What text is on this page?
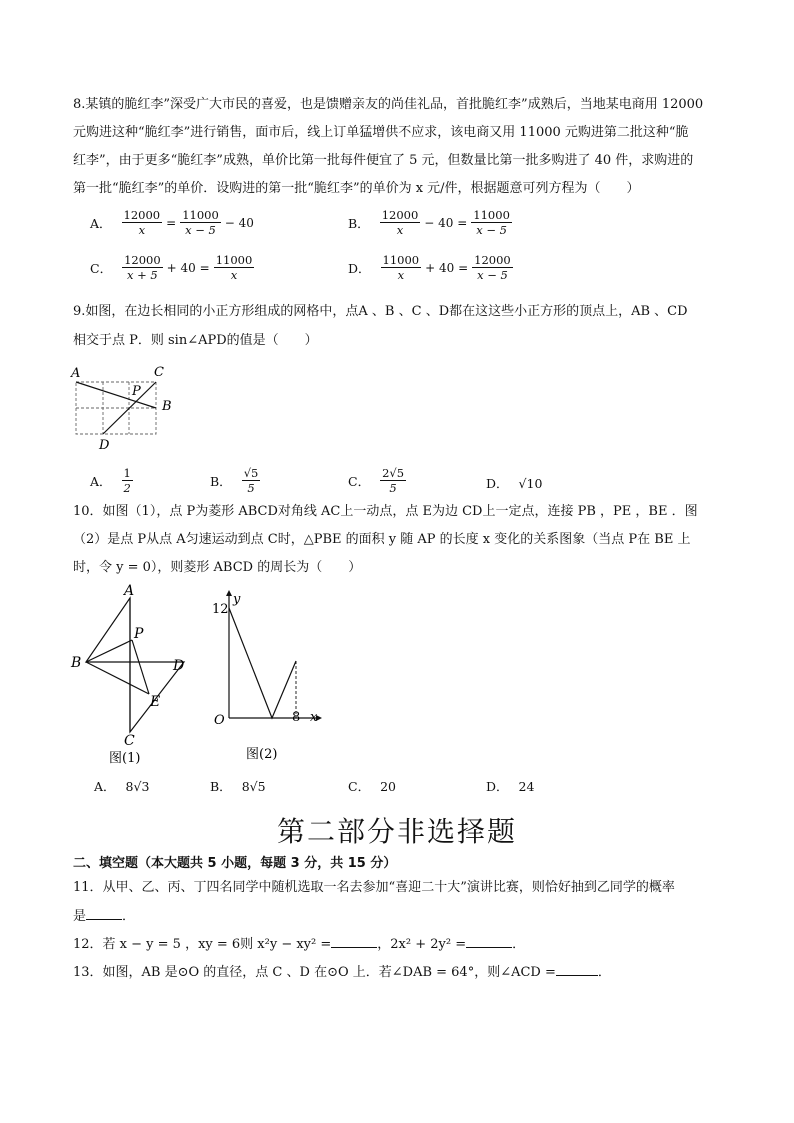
8.某镇的脆红李”深受广大市民的喜爱，也是馈赠亲友的尚佳礼品，首批脆红李”成熟后，当地某电商用 12000
元购进这种“脆红李”进行销售，面市后，线上订单猛增供不应求，该电商又用 11000 元购进第二批这种“脆
红李”，由于更多“脆红李”成熟，单价比第一批每件便宜了 5 元，但数量比第一批多购进了 40 件，求购进的
第一批“脆红李”的单价．设购进的第一批“脆红李”的单价为 x 元/件，根据题意可列方程为（　　）
A． $\frac{12000}{x} = \frac{11000}{x - 5} - 40$	B． $\frac{12000}{x} - 40 = \frac{11000}{x - 5}$
C． $\frac{12000}{x + 5} + 40 = \frac{11000}{x}$	D． $\frac{11000}{x} + 40 = \frac{12000}{x - 5}$
9.如图，在边长相同的小正方形组成的网格中，点A 、B 、C 、D都在这这些小正方形的顶点上，AB 、CD
相交于点 P．则 sin∠APD的值是（　　）
A	C
B
D
P
A． $\frac{1}{2}$	B． $\frac{√5}{5}$	C． $\frac{2√5}{5}$	D． √10
10．如图（1），点 P为菱形 ABCD对角线 AC上一动点，点 E为边 CD上一定点，连接 PB ，PE ，BE ．图
（2）是点 P从点 A匀速运动到点 C时，△PBE 的面积 y 随 AP 的长度 x 变化的关系图象（当点 P在 BE 上
时，令 y = 0），则菱形 ABCD 的周长为（　　）
A
B	D
C
P
E
图(1)
y
x
12
8
O
图(2)
A． 8√3	B． 8√5	C． 20	D． 24
第二部分非选择题
二、填空题（本大题共 5 小题，每题 3 分，共 15 分）
11．从甲、乙、丙、丁四名同学中随机选取一名去参加“喜迎二十大”演讲比赛，则恰好抽到乙同学的概率
是	．
12．若 x − y = 5 ，xy = 6则 x²y − xy² =	，2x² + 2y² =	．
13．如图，AB 是⊙O 的直径，点 C 、D 在⊙O 上．若∠DAB = 64°，则∠ACD =	．
